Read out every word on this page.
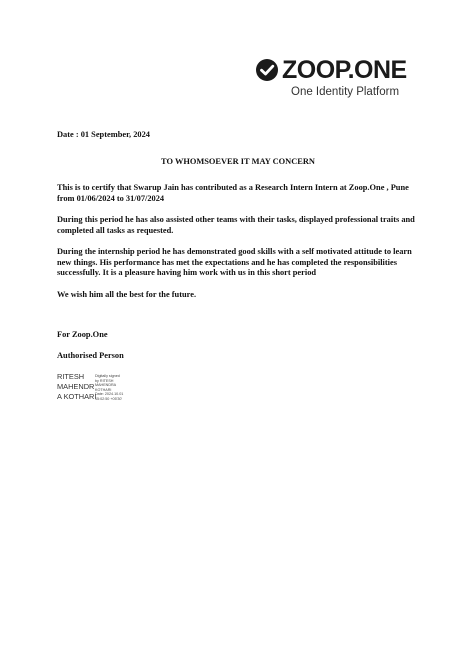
ZOOP.ONE
One Identity Platform

Date : 01 September, 2024

TO WHOMSOEVER IT MAY CONCERN

This is to certify that Swarup Jain has contributed as a Research Intern Intern at Zoop.One , Pune from 01/06/2024 to 31/07/2024

During this period he has also assisted other teams with their tasks, displayed professional traits and completed all tasks as requested.

During the internship period he has demonstrated good skills with a self motivated attitude to learn new things. His performance has met the expectations and he has completed the responsibilities successfully. It is a pleasure having him work with us in this short period

We wish him all the best for the future.

For Zoop.One

Authorised Person

RITESH
MAHENDR
A KOTHARI
Digitally signed
by RITESH
MAHENDRA
KOTHARI
Date: 2024.10.01
15:02:50 +05'30'
